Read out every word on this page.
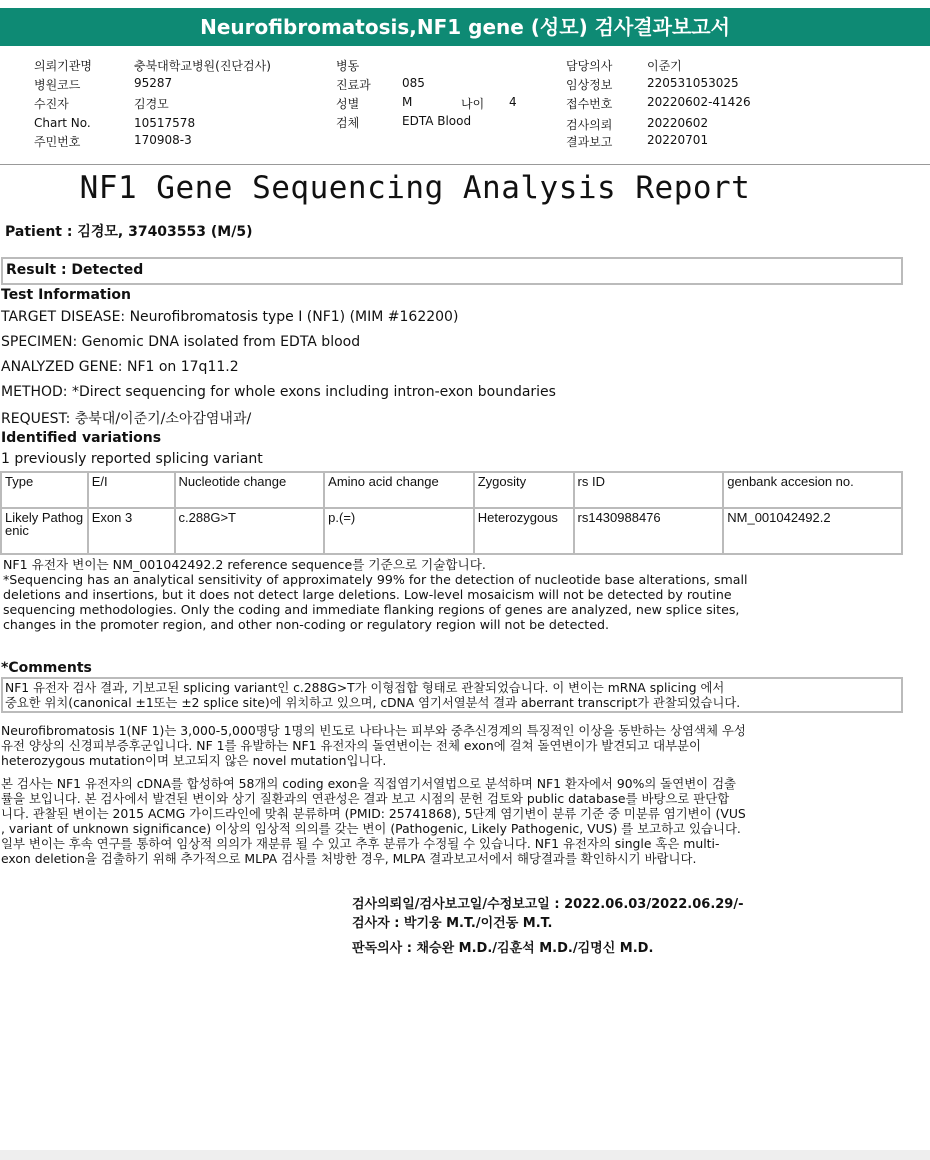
Neurofibromatosis,NF1 gene (성모) 검사결과보고서
의뢰기관명	충북대학교병원(진단검사)
병원코드	95287
수진자	김경모
Chart No.	10517578
주민번호	170908-3
병동
진료과	085
성별	M	나이 4
검체	EDTA Blood
담당의사	이준기
임상정보	220531053025
접수번호	20220602-41426
검사의뢰	20220602
결과보고	20220701
NF1 Gene Sequencing Analysis Report
Patient : 김경모, 37403553 (M/5)
Result : Detected
Test Information
TARGET DISEASE: Neurofibromatosis type I (NF1) (MIM #162200)
SPECIMEN: Genomic DNA isolated from EDTA blood
ANALYZED GENE: NF1 on 17q11.2
METHOD: *Direct sequencing for whole exons including intron-exon boundaries
REQUEST: 충북대/이준기/소아감염내과/
Identified variations
1 previously reported splicing variant
Type	E/I	Nucleotide change	Amino acid change	Zygosity	rs ID	genbank accesion no.
Likely Pathogenic	Exon 3	c.288G>T	p.(=)	Heterozygous	rs1430988476	NM_001042492.2
NF1 유전자 변이는 NM_001042492.2 reference sequence를 기준으로 기술합니다.
*Sequencing has an analytical sensitivity of approximately 99% for the detection of nucleotide base alterations, small
deletions and insertions, but it does not detect large deletions. Low-level mosaicism will not be detected by routine
sequencing methodologies. Only the coding and immediate flanking regions of genes are analyzed, new splice sites,
changes in the promoter region, and other non-coding or regulatory region will not be detected.
*Comments
NF1 유전자 검사 결과, 기보고된 splicing variant인 c.288G>T가 이형접합 형태로 관찰되었습니다. 이 변이는 mRNA splicing 에서
중요한 위치(canonical ±1또는 ±2 splice site)에 위치하고 있으며, cDNA 염기서열분석 결과 aberrant transcript가 관찰되었습니다.
Neurofibromatosis 1(NF 1)는 3,000-5,000명당 1명의 빈도로 나타나는 피부와 중추신경계의 특징적인 이상을 동반하는 상염색체 우성
유전 양상의 신경피부증후군입니다. NF 1를 유발하는 NF1 유전자의 돌연변이는 전체 exon에 걸쳐 돌연변이가 발견되고 대부분이
heterozygous mutation이며 보고되지 않은 novel mutation입니다.
본 검사는 NF1 유전자의 cDNA를 합성하여 58개의 coding exon을 직접염기서열법으로 분석하며 NF1 환자에서 90%의 돌연변이 검출
률을 보입니다. 본 검사에서 발견된 변이와 상기 질환과의 연관성은 결과 보고 시점의 문헌 검토와 public database를 바탕으로 판단합
니다. 관찰된 변이는 2015 ACMG 가이드라인에 맞춰 분류하며 (PMID: 25741868), 5단계 염기변이 분류 기준 중 미분류 염기변이 (VUS
, variant of unknown significance) 이상의 임상적 의의를 갖는 변이 (Pathogenic, Likely Pathogenic, VUS) 를 보고하고 있습니다.
일부 변이는 후속 연구를 통하여 임상적 의의가 재분류 될 수 있고 추후 분류가 수정될 수 있습니다. NF1 유전자의 single 혹은 multi-
exon deletion을 검출하기 위해 추가적으로 MLPA 검사를 처방한 경우, MLPA 결과보고서에서 해당결과를 확인하시기 바랍니다.
검사의뢰일/검사보고일/수정보고일 : 2022.06.03/2022.06.29/-
검사자 : 박기웅 M.T./이건동 M.T.
판독의사 : 채승완 M.D./김훈석 M.D./김명신 M.D.
